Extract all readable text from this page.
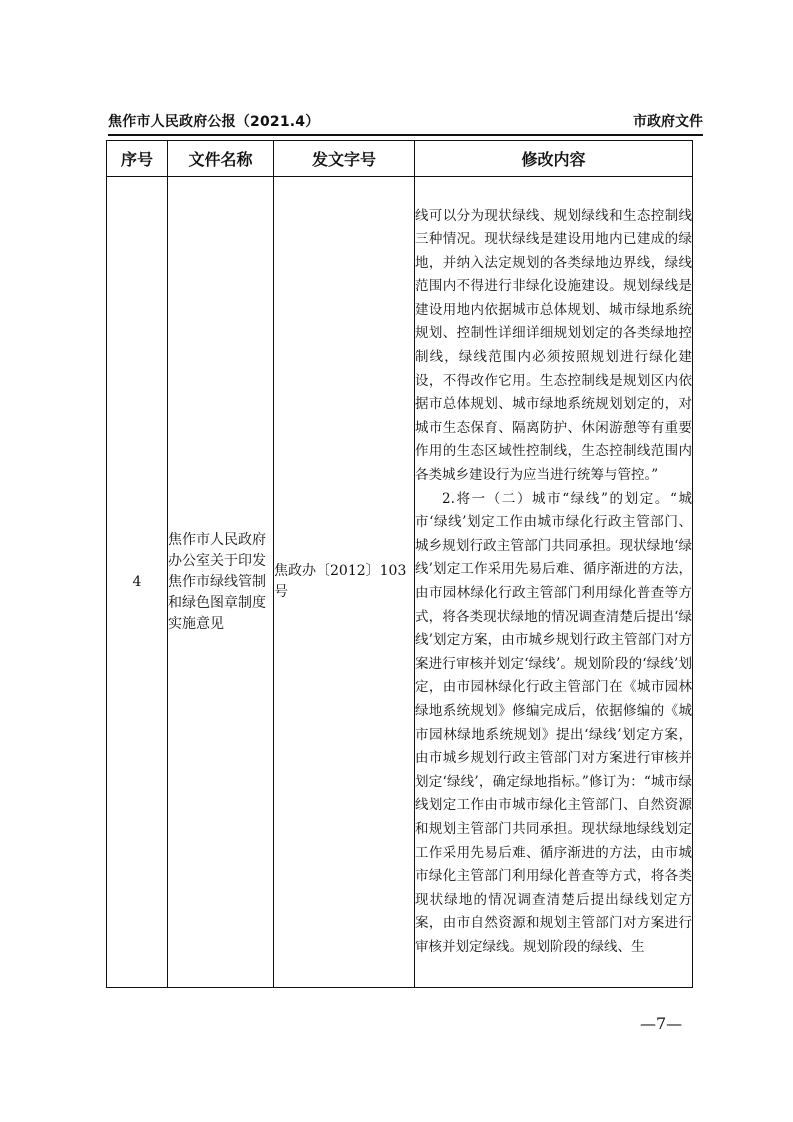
焦作市人民政府公报（2021.4）	市政府文件
序号	文件名称	发文字号	修改内容
4	焦作市人民政府办公室关于印发焦作市绿线管制和绿色图章制度实施意见	焦政办〔2012〕103号	线可以分为现状绿线、规划绿线和生态控制线三种情况。现状绿线是建设用地内已建成的绿地，并纳入法定规划的各类绿地边界线，绿线范围内不得进行非绿化设施建设。规划绿线是建设用地内依据城市总体规划、城市绿地系统规划、控制性详细详细规划划定的各类绿地控制线，绿线范围内必须按照规划进行绿化建设，不得改作它用。生态控制线是规划区内依据市总体规划、城市绿地系统规划划定的，对城市生态保育、隔离防护、休闲游憩等有重要作用的生态区域性控制线，生态控制线范围内各类城乡建设行为应当进行统筹与管控。”

2.将一（二）城市“绿线”的划定。“城市‘绿线’划定工作由城市绿化行政主管部门、城乡规划行政主管部门共同承担。现状绿地‘绿线’划定工作采用先易后难、循序渐进的方法，由市园林绿化行政主管部门利用绿化普查等方式，将各类现状绿地的情况调查清楚后提出‘绿线’划定方案，由市城乡规划行政主管部门对方案进行审核并划定‘绿线’。规划阶段的‘绿线’划定，由市园林绿化行政主管部门在《城市园林绿地系统规划》修编完成后，依据修编的《城市园林绿地系统规划》提出‘绿线’划定方案，由市城乡规划行政主管部门对方案进行审核并划定‘绿线’，确定绿地指标。”修订为：“城市绿线划定工作由市城市绿化主管部门、自然资源和规划主管部门共同承担。现状绿地绿线划定工作采用先易后难、循序渐进的方法，由市城市绿化主管部门利用绿化普查等方式，将各类现状绿地的情况调查清楚后提出绿线划定方案，由市自然资源和规划主管部门对方案进行审核并划定绿线。规划阶段的绿线、生

—7—
